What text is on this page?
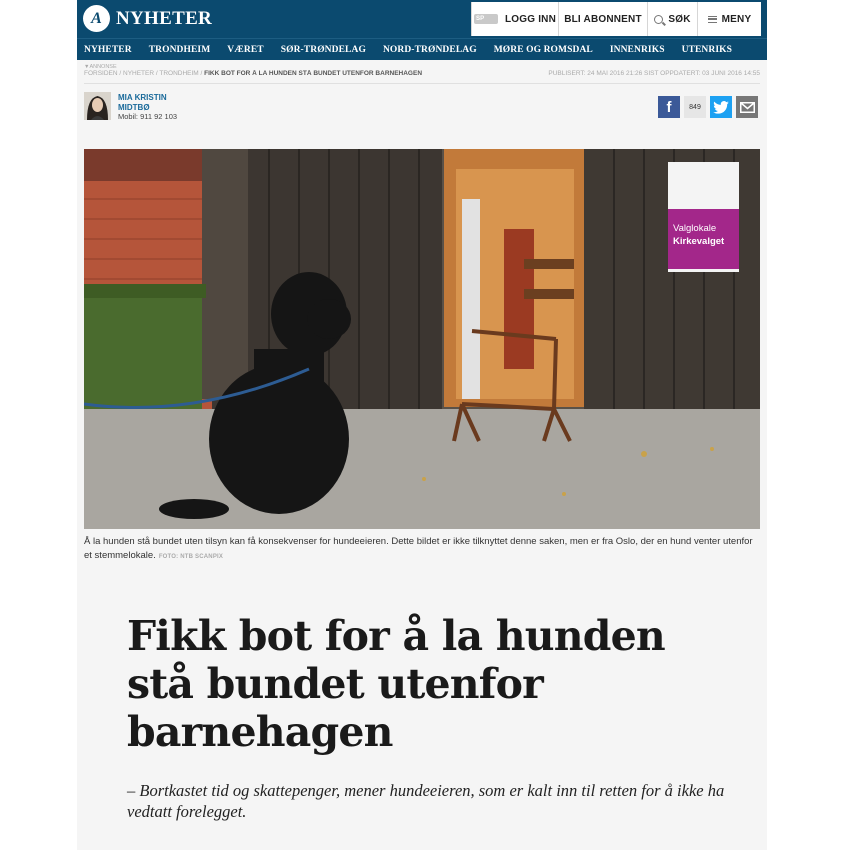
A NYHETER	SP	LOGG INN BLI ABONNENT	SØK	MENY
NYHETER TRONDHEIM VÆRET SØR-TRØNDELAG NORD-TRØNDELAG MØRE OG ROMSDAL INNENRIKS UTENRIKS
▼ANNONSE
FORSIDEN / NYHETER / TRONDHEIM / FIKK BOT FOR Å LA HUNDEN STÅ BUNDET UTENFOR BARNEHAGEN	PUBLISERT: 24 MAI 2016 21:26 SIST OPPDATERT: 03 JUNI 2016 14:55
MIA KRISTIN
MIDTBØ
Mobil: 911 92 103
f	849
Valglokale
Kirkevalget

Å la hunden stå bundet uten tilsyn kan få konsekvenser for hundeeieren. Dette bildet er ikke tilknyttet denne saken, men er fra Oslo, der en hund venter utenfor et stemmelokale. FOTO: NTB SCANPIX

Fikk bot for å la hunden stå bundet utenfor barnehagen

– Bortkastet tid og skattepenger, mener hundeeieren, som er kalt inn til retten for å ikke ha vedtatt forelegget.
